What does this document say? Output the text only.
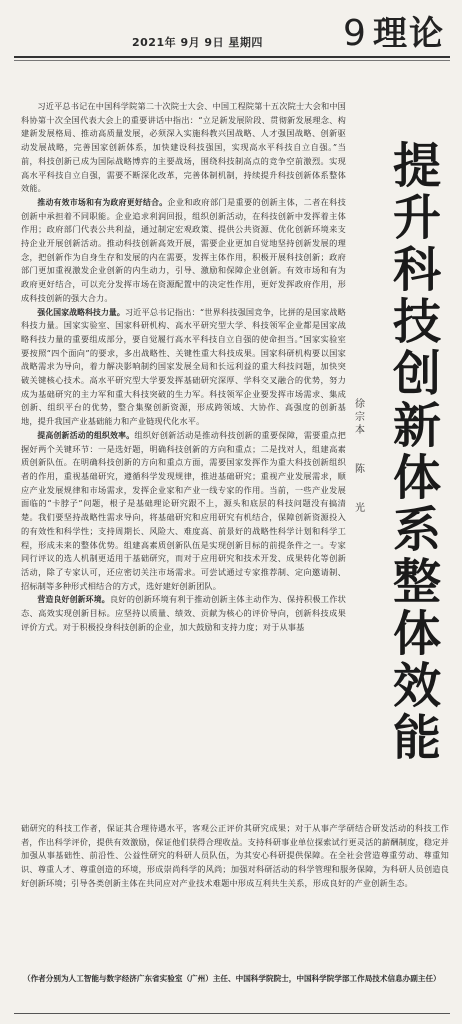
2021年 9月 9日 星期四 9 理论
习近平总书记在中国科学院第二十次院士大会、中国工程院第十五次院士大会和中国科协第十次全国代表大会上的重要讲话中指出：“立足新发展阶段、贯彻新发展理念、构建新发展格局、推动高质量发展，必须深入实施科教兴国战略、人才强国战略、创新驱动发展战略，完善国家创新体系，加快建设科技强国，实现高水平科技自立自强。”当前，科技创新已成为国际战略博弈的主要战场，围绕科技制高点的竞争空前激烈。实现高水平科技自立自强，需要不断深化改革，完善体制机制，持续提升科技创新体系整体效能。
推动有效市场和有为政府更好结合。企业和政府部门是重要的创新主体，二者在科技创新中承担着不同职能。企业追求利润回报，组织创新活动，在科技创新中发挥着主体作用；政府部门代表公共利益，通过制定宏观政策、提供公共资源、优化创新环境来支持企业开展创新活动。推动科技创新高效开展，需要企业更加自觉地坚持创新发展的理念，把创新作为自身生存和发展的内在需要，发挥主体作用，积极开展科技创新；政府部门更加重视激发企业创新的内生动力，引导、激励和保障企业创新。有效市场和有为政府更好结合，可以充分发挥市场在资源配置中的决定性作用，更好发挥政府作用，形成科技创新的强大合力。
强化国家战略科技力量。习近平总书记指出：“世界科技强国竞争，比拼的是国家战略科技力量。国家实验室、国家科研机构、高水平研究型大学、科技领军企业都是国家战略科技力量的重要组成部分，要自觉履行高水平科技自立自强的使命担当。”国家实验室要按照“四个面向”的要求，多出战略性、关键性重大科技成果。国家科研机构要以国家战略需求为导向，着力解决影响制约国家发展全局和长远利益的重大科技问题，加快突破关键核心技术。高水平研究型大学要发挥基础研究深厚、学科交叉融合的优势，努力成为基础研究的主力军和重大科技突破的生力军。科技领军企业要发挥市场需求、集成创新、组织平台的优势，整合集聚创新资源，形成跨领域、大协作、高强度的创新基地，提升我国产业基础能力和产业链现代化水平。
提高创新活动的组织效率。组织好创新活动是推动科技创新的重要保障，需要重点把握好两个关键环节：一是选好题，明确科技创新的方向和重点；二是找对人，组建高素质创新队伍。在明确科技创新的方向和重点方面，需要国家发挥作为重大科技创新组织者的作用，重视基础研究，遵循科学发现规律，推进基础研究；重视产业发展需求，顺应产业发展规律和市场需求，发挥企业家和产业一线专家的作用。当前，一些产业发展面临的“卡脖子”问题，根子是基础理论研究跟不上，源头和底层的科技问题没有搞清楚。我们要坚持战略性需求导向，将基础研究和应用研究有机结合，保障创新资源投入的有效性和科学性；支持周期长、风险大、难度高、前景好的战略性科学计划和科学工程，形成未来的整体优势。组建高素质创新队伍是实现创新目标的前提条件之一。专家同行评议的选人机制更适用于基础研究，而对于应用研究和技术开发、成果转化等创新活动，除了专家认可，还应密切关注市场需求。可尝试通过专家推荐制、定向邀请制、招标制等多种形式相结合的方式，选好建好创新团队。
营造良好创新环境。良好的创新环境有利于推动创新主体主动作为、保持积极工作状态、高效实现创新目标。应坚持以质量、绩效、贡献为核心的评价导向，创新科技成果评价方式。对于积极投身科技创新的企业，加大鼓励和支持力度；对于从事基
础研究的科技工作者，保证其合理待遇水平，客观公正评价其研究成果；对于从事产学研结合研发活动的科技工作者，作出科学评价，提供有效激励，保证他们获得合理收益。支持科研事业单位探索试行更灵活的薪酬制度，稳定并加强从事基础性、前沿性、公益性研究的科研人员队伍，为其安心科研提供保障。在全社会营造尊重劳动、尊重知识、尊重人才、尊重创造的环境，形成崇尚科学的风尚；加强对科研活动的科学管理和服务保障，为科研人员创造良好创新环境；引导各类创新主体在共同应对产业技术难题中形成互利共生关系，形成良好的产业创新生态。
提
升
科
技
创
新
体
系
整
体
效
能
徐
宗
本
陈
光
（作者分别为人工智能与数字经济广东省实验室（广州）主任、中国科学院院士，中国科学院学部工作局技术信息办副主任）
